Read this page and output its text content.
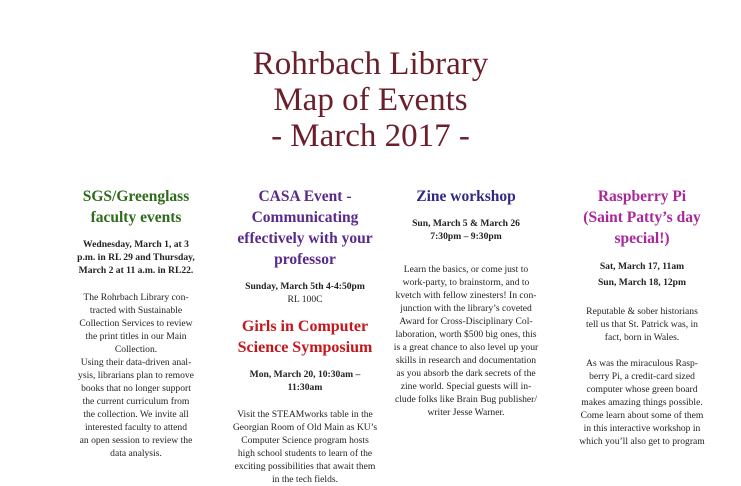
Rohrbach Library
Map of Events
- March 2017 -
SGS/Greenglass
faculty events
Wednesday, March 1, at 3
p.m. in RL 29 and Thursday,
March 2 at 11 a.m. in RL22.
The Rohrbach Library con-
tracted with Sustainable
Collection Services to review
the print titles in our Main
Collection.
Using their data-driven anal-
ysis, librarians plan to remove
books that no longer support
the current curriculum from
the collection. We invite all
interested faculty to attend
an open session to review the
data analysis.
CASA Event -
Communicating
effectively with your
professor
Sunday, March 5th 4-4:50pm
RL 100C
Girls in Computer
Science Symposium
Mon, March 20, 10:30am –
11:30am
Visit the STEAMworks table in the
Georgian Room of Old Main as KU’s
Computer Science program hosts
high school students to learn of the
exciting possibilities that await them
in the tech fields.
Zine workshop
Sun, March 5 & March 26
7:30pm – 9:30pm
Learn the basics, or come just to
work-party, to brainstorm, and to
kvetch with fellow zinesters! In con-
junction with the library’s coveted
Award for Cross-Disciplinary Col-
laboration, worth $500 big ones, this
is a great chance to also level up your
skills in research and documentation
as you absorb the dark secrets of the
zine world. Special guests will in-
clude folks like Brain Bug publisher/
writer Jesse Warner.
Raspberry Pi
(Saint Patty’s day
special!)
Sat, March 17, 11am
Sun, March 18, 12pm
Reputable & sober historians
tell us that St. Patrick was, in
fact, born in Wales.
As was the miraculous Rasp-
berry Pi, a credit-card sized
computer whose green board
makes amazing things possible.
Come learn about some of them
in this interactive workshop in
which you’ll also get to program
